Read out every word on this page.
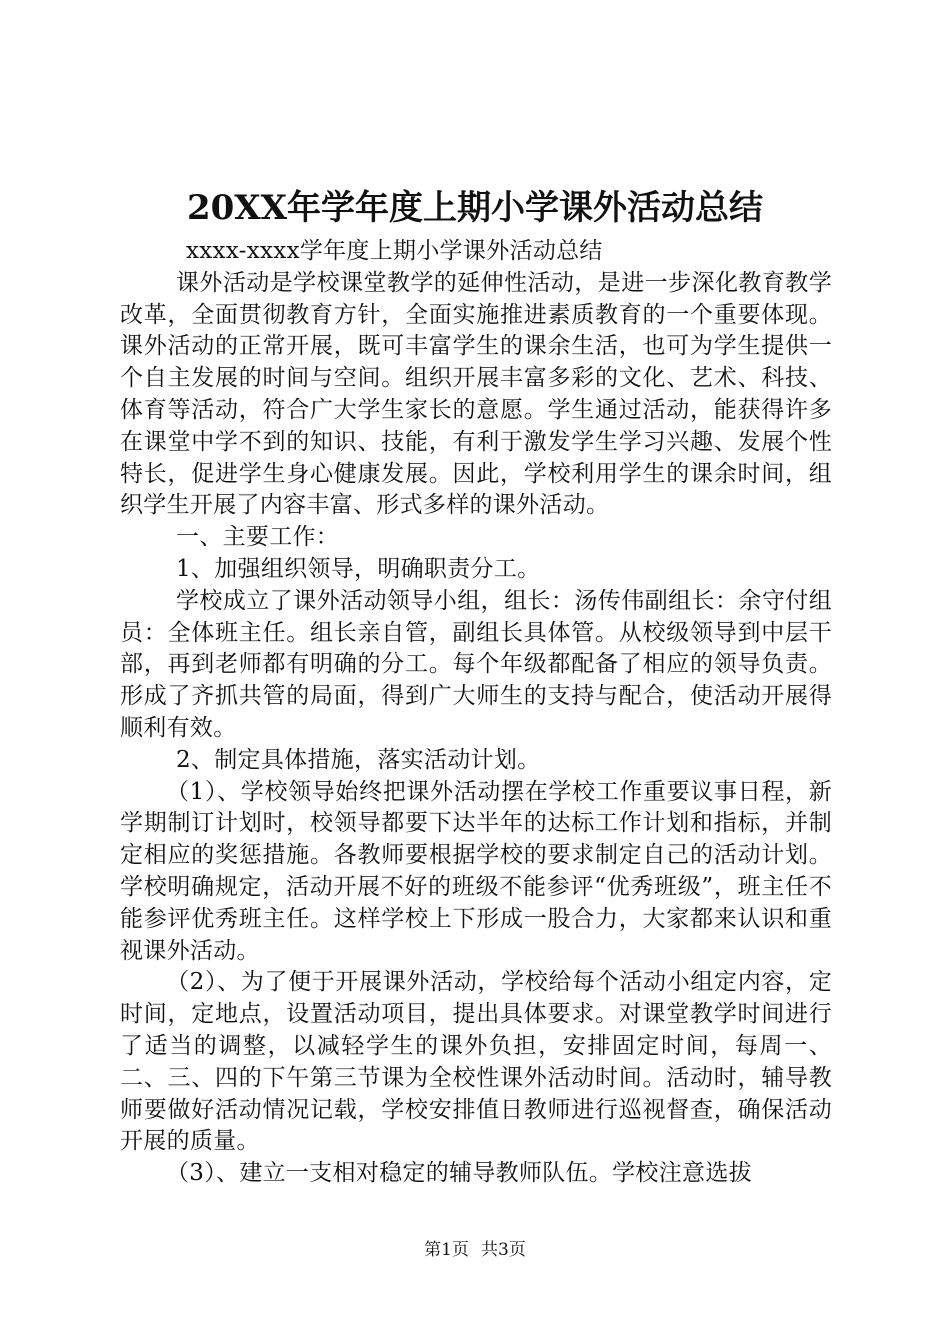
20XX年学年度上期小学课外活动总结

xxxx-xxxx学年度上期小学课外活动总结

课外活动是学校课堂教学的延伸性活动，是进一步深化教育教学改革，全面贯彻教育方针，全面实施推进素质教育的一个重要体现。课外活动的正常开展，既可丰富学生的课余生活，也可为学生提供一个自主发展的时间与空间。组织开展丰富多彩的文化、艺术、科技、体育等活动，符合广大学生家长的意愿。学生通过活动，能获得许多在课堂中学不到的知识、技能，有利于激发学生学习兴趣、发展个性特长，促进学生身心健康发展。因此，学校利用学生的课余时间，组织学生开展了内容丰富、形式多样的课外活动。

一、主要工作：

1、加强组织领导，明确职责分工。

学校成立了课外活动领导小组，组长：汤传伟副组长：余守付组员：全体班主任。组长亲自管，副组长具体管。从校级领导到中层干部，再到老师都有明确的分工。每个年级都配备了相应的领导负责。形成了齐抓共管的局面，得到广大师生的支持与配合，使活动开展得顺利有效。

2、制定具体措施，落实活动计划。

（1）、学校领导始终把课外活动摆在学校工作重要议事日程，新学期制订计划时，校领导都要下达半年的达标工作计划和指标，并制定相应的奖惩措施。各教师要根据学校的要求制定自己的活动计划。学校明确规定，活动开展不好的班级不能参评“优秀班级”，班主任不能参评优秀班主任。这样学校上下形成一股合力，大家都来认识和重视课外活动。

（2）、为了便于开展课外活动，学校给每个活动小组定内容，定时间，定地点，设置活动项目，提出具体要求。对课堂教学时间进行了适当的调整，以减轻学生的课外负担，安排固定时间，每周一、二、三、四的下午第三节课为全校性课外活动时间。活动时，辅导教师要做好活动情况记载，学校安排值日教师进行巡视督查，确保活动开展的质量。

（3）、建立一支相对稳定的辅导教师队伍。学校注意选拔

第1页 共3页
